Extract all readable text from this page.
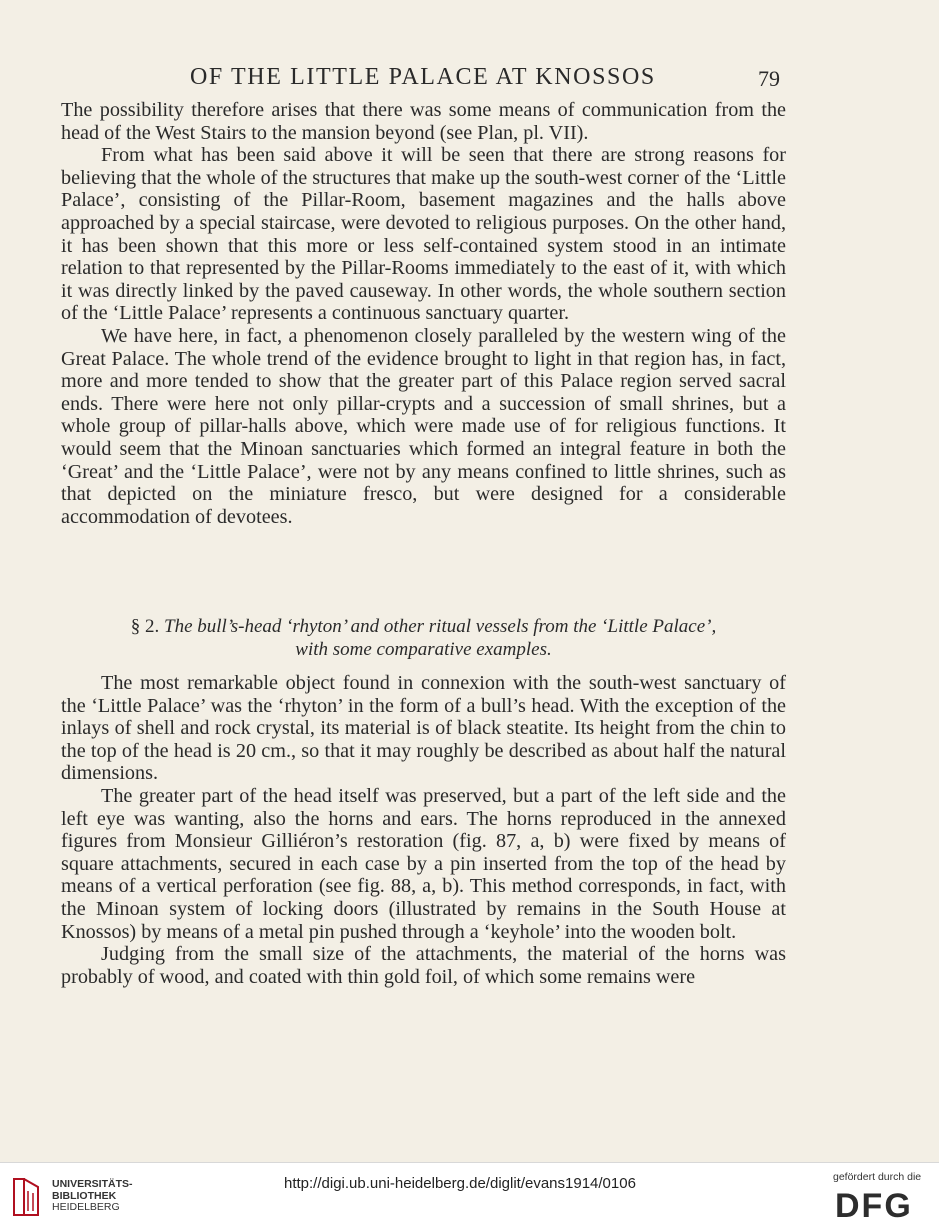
OF THE LITTLE PALACE AT KNOSSOS	79

The possibility therefore arises that there was some means of communication from the head of the West Stairs to the mansion beyond (see Plan, pl. VII).

From what has been said above it will be seen that there are strong reasons for believing that the whole of the structures that make up the south-west corner of the ‘Little Palace’, consisting of the Pillar-Room, basement magazines and the halls above approached by a special staircase, were devoted to religious purposes. On the other hand, it has been shown that this more or less self-contained system stood in an intimate relation to that represented by the Pillar-Rooms immediately to the east of it, with which it was directly linked by the paved causeway. In other words, the whole southern section of the ‘Little Palace’ represents a continuous sanctuary quarter.

We have here, in fact, a phenomenon closely paralleled by the western wing of the Great Palace. The whole trend of the evidence brought to light in that region has, in fact, more and more tended to show that the greater part of this Palace region served sacral ends. There were here not only pillar-crypts and a succession of small shrines, but a whole group of pillar-halls above, which were made use of for religious functions. It would seem that the Minoan sanctuaries which formed an integral feature in both the ‘Great’ and the ‘Little Palace’, were not by any means confined to little shrines, such as that depicted on the miniature fresco, but were designed for a considerable accommodation of devotees.

§ 2. The bull’s-head ‘rhyton’ and other ritual vessels from the ‘Little Palace’,
with some comparative examples.

The most remarkable object found in connexion with the south-west sanctuary of the ‘Little Palace’ was the ‘rhyton’ in the form of a bull’s head. With the exception of the inlays of shell and rock crystal, its material is of black steatite. Its height from the chin to the top of the head is 20 cm., so that it may roughly be described as about half the natural dimensions.

The greater part of the head itself was preserved, but a part of the left side and the left eye was wanting, also the horns and ears. The horns reproduced in the annexed figures from Monsieur Gilliéron’s restoration (fig. 87, a, b) were fixed by means of square attachments, secured in each case by a pin inserted from the top of the head by means of a vertical perforation (see fig. 88, a, b). This method corresponds, in fact, with the Minoan system of locking doors (illustrated by remains in the South House at Knossos) by means of a metal pin pushed through a ‘keyhole’ into the wooden bolt.

Judging from the small size of the attachments, the material of the horns was probably of wood, and coated with thin gold foil, of which some remains were

UNIVERSITÄTS-
BIBLIOTHEK
HEIDELBERG
http://digi.ub.uni-heidelberg.de/diglit/evans1914/0106	gefördert durch die
DFG
